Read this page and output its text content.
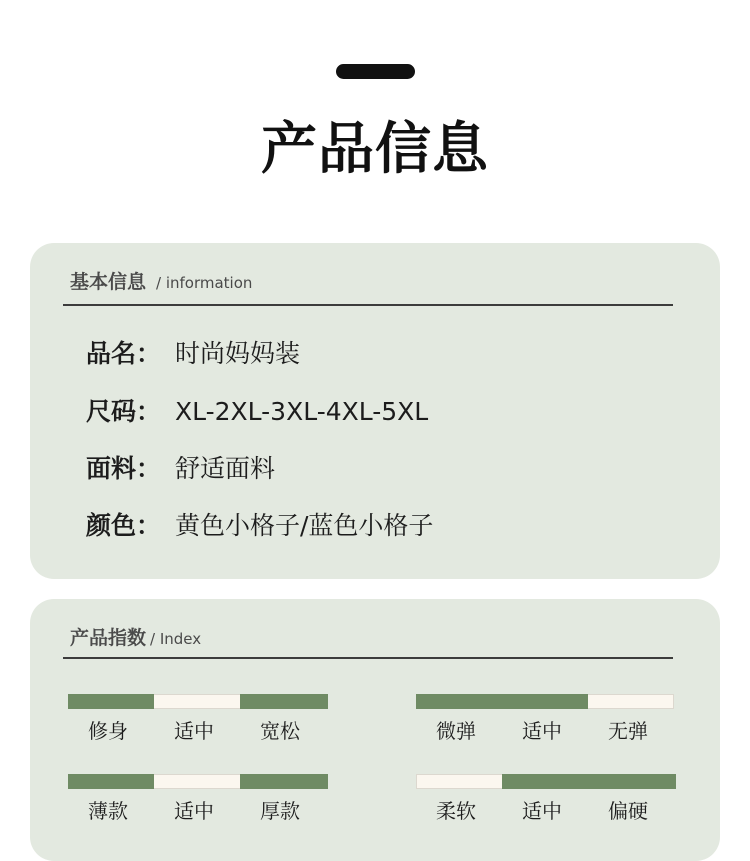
产品信息
基本信息 / information
品名： 时尚妈妈装
尺码： XL-2XL-3XL-4XL-5XL
面料： 舒适面料
颜色： 黄色小格子/蓝色小格子
产品指数 / Index
修身	适中	宽松	微弹	适中	无弹
薄款	适中	厚款	柔软	适中	偏硬
